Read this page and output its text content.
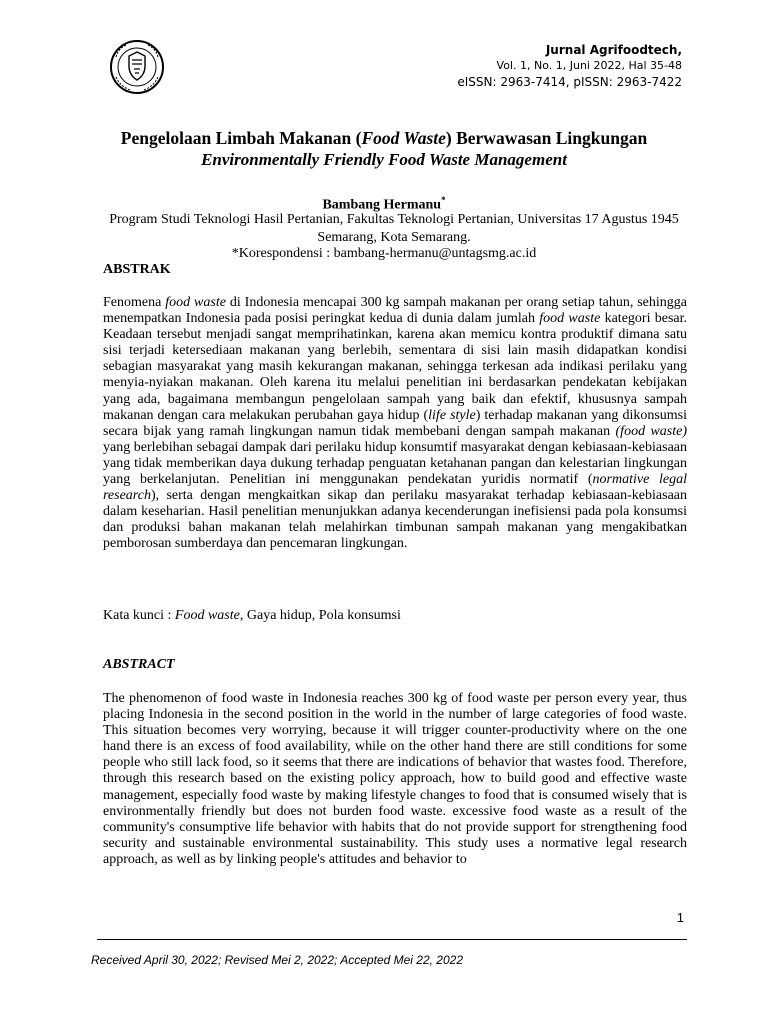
Jurnal Agrifoodtech,
Vol. 1, No. 1, Juni 2022, Hal 35-48
eISSN: 2963-7414, pISSN: 2963-7422
Pengelolaan Limbah Makanan (Food Waste) Berwawasan Lingkungan
Environmentally Friendly Food Waste Management
Bambang Hermanu*
Program Studi Teknologi Hasil Pertanian, Fakultas Teknologi Pertanian, Universitas 17 Agustus 1945 Semarang, Kota Semarang.
*Korespondensi : bambang-hermanu@untagsmg.ac.id
ABSTRAK
Fenomena food waste di Indonesia mencapai 300 kg sampah makanan per orang setiap tahun, sehingga menempatkan Indonesia pada posisi peringkat kedua di dunia dalam jumlah food waste kategori besar. Keadaan tersebut menjadi sangat memprihatinkan, karena akan memicu kontra produktif dimana satu sisi terjadi ketersediaan makanan yang berlebih, sementara di sisi lain masih didapatkan kondisi sebagian masyarakat yang masih kekurangan makanan, sehingga terkesan ada indikasi perilaku yang menyia-nyiakan makanan. Oleh karena itu melalui penelitian ini berdasarkan pendekatan kebijakan yang ada, bagaimana membangun pengelolaan sampah yang baik dan efektif, khususnya sampah makanan dengan cara melakukan perubahan gaya hidup (life style) terhadap makanan yang dikonsumsi secara bijak yang ramah lingkungan namun tidak membebani dengan sampah makanan (food waste) yang berlebihan sebagai dampak dari perilaku hidup konsumtif masyarakat dengan kebiasaan-kebiasaan yang tidak memberikan daya dukung terhadap penguatan ketahanan pangan dan kelestarian lingkungan yang berkelanjutan. Penelitian ini menggunakan pendekatan yuridis normatif (normative legal research), serta dengan mengkaitkan sikap dan perilaku masyarakat terhadap kebiasaan-kebiasaan dalam keseharian. Hasil penelitian menunjukkan adanya kecenderungan inefisiensi pada pola konsumsi dan produksi bahan makanan telah melahirkan timbunan sampah makanan yang mengakibatkan pemborosan sumberdaya dan pencemaran lingkungan.
Kata kunci : Food waste, Gaya hidup, Pola konsumsi
ABSTRACT
The phenomenon of food waste in Indonesia reaches 300 kg of food waste per person every year, thus placing Indonesia in the second position in the world in the number of large categories of food waste. This situation becomes very worrying, because it will trigger counter-productivity where on the one hand there is an excess of food availability, while on the other hand there are still conditions for some people who still lack food, so it seems that there are indications of behavior that wastes food. Therefore, through this research based on the existing policy approach, how to build good and effective waste management, especially food waste by making lifestyle changes to food that is consumed wisely that is environmentally friendly but does not burden food waste. excessive food waste as a result of the community's consumptive life behavior with habits that do not provide support for strengthening food security and sustainable environmental sustainability. This study uses a normative legal research approach, as well as by linking people's attitudes and behavior to
1
Received April 30, 2022; Revised Mei 2, 2022; Accepted Mei 22, 2022
